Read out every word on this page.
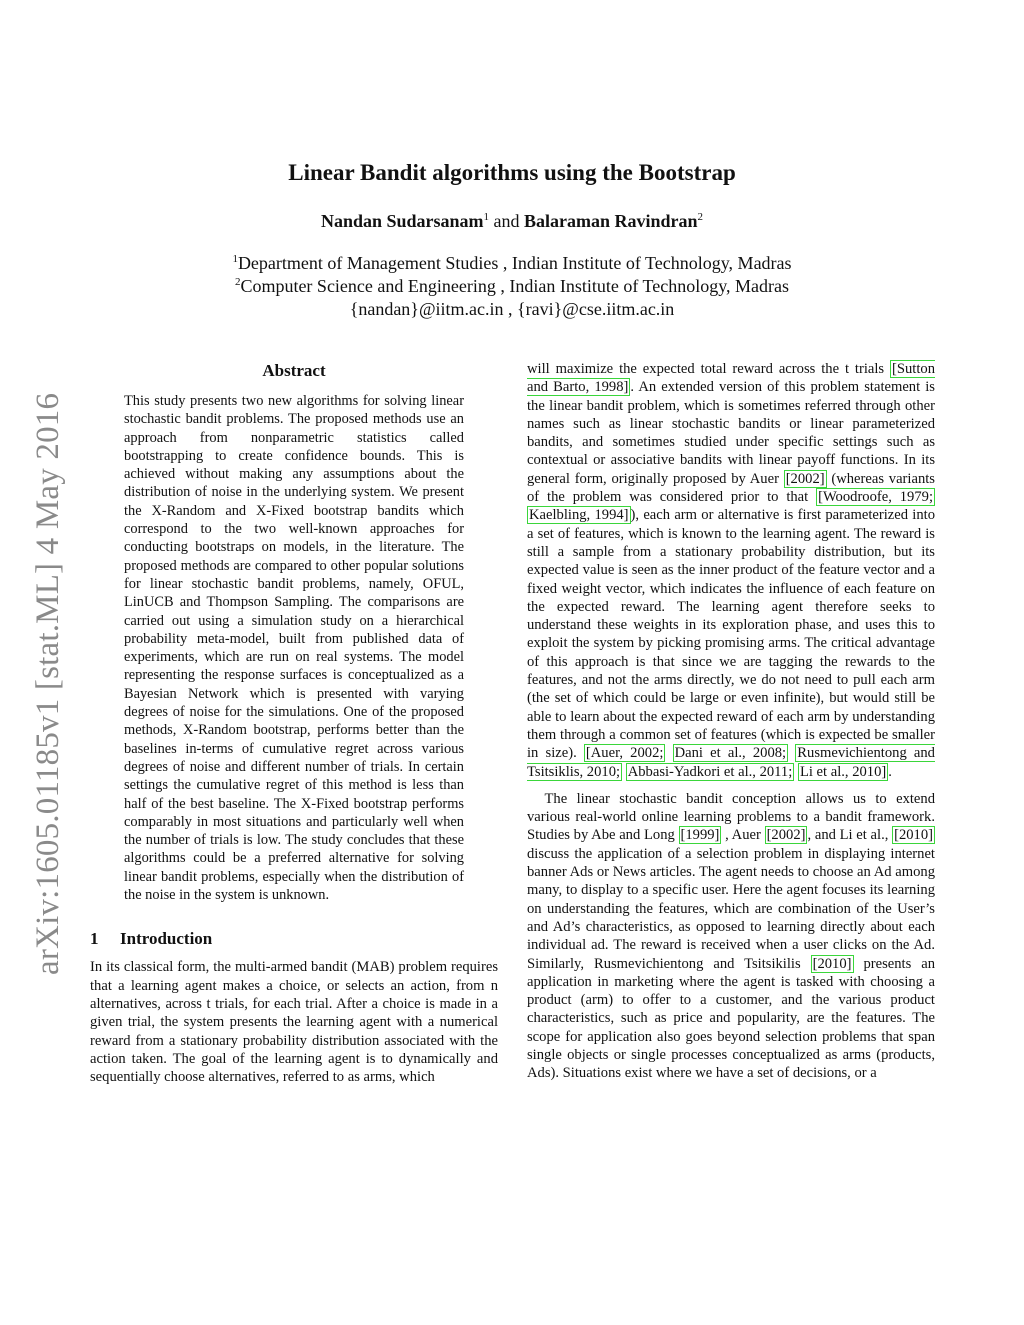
arXiv:1605.01185v1 [stat.ML] 4 May 2016
Linear Bandit algorithms using the Bootstrap
Nandan Sudarsanam$^1$ and Balaraman Ravindran$^2$
$^1$Department of Management Studies , Indian Institute of Technology, Madras
$^2$Computer Science and Engineering , Indian Institute of Technology, Madras
{nandan}@iitm.ac.in , {ravi}@cse.iitm.ac.in
Abstract
This study presents two new algorithms for solving linear stochastic bandit problems. The proposed methods use an approach from nonparametric statistics called bootstrapping to create confidence bounds. This is achieved without making any assumptions about the distribution of noise in the underlying system. We present the X-Random and X-Fixed bootstrap bandits which correspond to the two well-known approaches for conducting bootstraps on models, in the literature. The proposed methods are compared to other popular solutions for linear stochastic bandit problems, namely, OFUL, LinUCB and Thompson Sampling. The comparisons are carried out using a simulation study on a hierarchical probability meta-model, built from published data of experiments, which are run on real systems. The model representing the response surfaces is conceptualized as a Bayesian Network which is presented with varying degrees of noise for the simulations. One of the proposed methods, X-Random bootstrap, performs better than the baselines in-terms of cumulative regret across various degrees of noise and different number of trials. In certain settings the cumulative regret of this method is less than half of the best baseline. The X-Fixed bootstrap performs comparably in most situations and particularly well when the number of trials is low. The study concludes that these algorithms could be a preferred alternative for solving linear bandit problems, especially when the distribution of the noise in the system is unknown.
1 Introduction

In its classical form, the multi-armed bandit (MAB) problem requires that a learning agent makes a choice, or selects an action, from n alternatives, across t trials, for each trial. After a choice is made in a given trial, the system presents the learning agent with a numerical reward from a stationary probability distribution associated with the action taken. The goal of the learning agent is to dynamically and sequentially choose alternatives, referred to as arms, which

will maximize the expected total reward across the t trials [Sutton and Barto, 1998] . An extended version of this problem statement is the linear bandit problem, which is sometimes referred through other names such as linear stochastic bandits or linear parameterized bandits, and sometimes studied under specific settings such as contextual or associative bandits with linear payoff functions. In its general form, originally proposed by Auer [2002] (whereas variants of the problem was considered prior to that [Woodroofe, 1979; Kaelbling, 1994] ), each arm or alternative is first parameterized into a set of features, which is known to the learning agent. The reward is still a sample from a stationary probability distribution, but its expected value is seen as the inner product of the feature vector and a fixed weight vector, which indicates the influence of each feature on the expected reward. The learning agent therefore seeks to understand these weights in its exploration phase, and uses this to exploit the system by picking promising arms. The critical advantage of this approach is that since we are tagging the rewards to the features, and not the arms directly, we do not need to pull each arm (the set of which could be large or even infinite), but would still be able to learn about the expected reward of each arm by understanding them through a common set of features (which is expected be smaller in size). [Auer, 2002; Dani et al., 2008; Rusmevichientong and Tsitsiklis, 2010; Abbasi-Yadkori et al., 2011; Li et al., 2010] .

The linear stochastic bandit conception allows us to extend various real-world online learning problems to a bandit framework. Studies by Abe and Long [1999] , Auer [2002] , and Li et al., [2010] discuss the application of a selection problem in displaying internet banner Ads or News articles. The agent needs to choose an Ad among many, to display to a specific user. Here the agent focuses its learning on understanding the features, which are combination of the User’s and Ad’s characteristics, as opposed to learning directly about each individual ad. The reward is received when a user clicks on the Ad. Similarly, Rusmevichientong and Tsitsikilis [2010] presents an application in marketing where the agent is tasked with choosing a product (arm) to offer to a customer, and the various product characteristics, such as price and popularity, are the features. The scope for application also goes beyond selection problems that span single objects or single processes conceptualized as arms (products, Ads). Situations exist where we have a set of decisions, or a
